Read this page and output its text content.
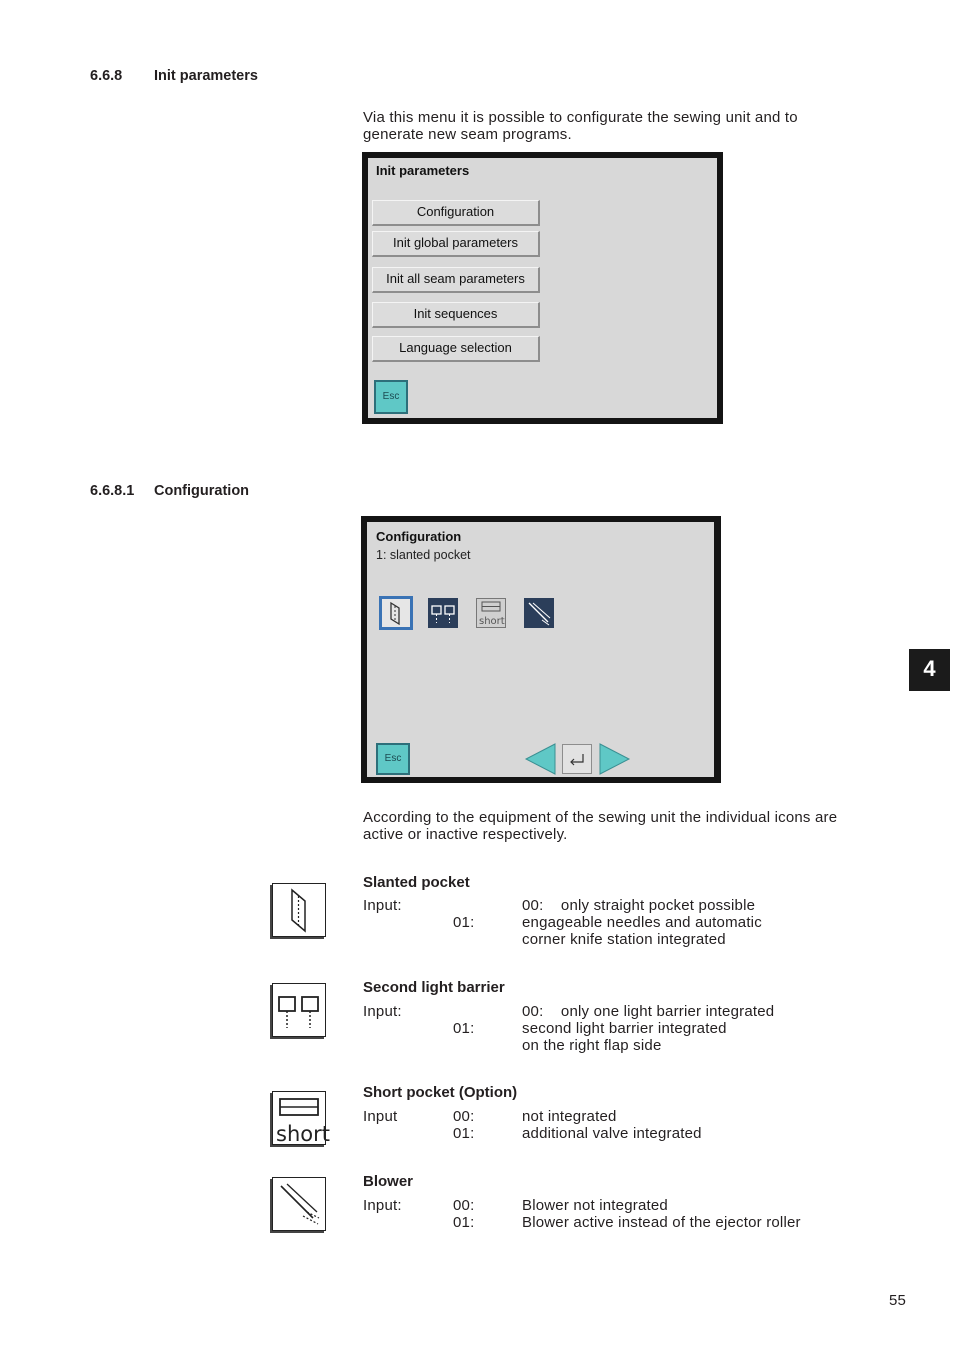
6.6.8 Init parameters
Via this menu it is possible to configurate the sewing unit and to
generate new seam programs.
Init parameters
Configuration
Init global parameters
Init all seam parameters
Init sequences
Language selection
Esc
6.6.8.1 Configuration
Configuration
1: slanted pocket
short
Esc
4
According to the equipment of the sewing unit the individual icons are
active or inactive respectively.
Slanted pocket
Input:	00:    only straight pocket possible
01:	engageable needles and automatic
corner knife station integrated
Second light barrier
Input:	00:    only one light barrier integrated
01:	second light barrier integrated
on the right flap side
short
Short pocket (Option)
Input	00:	not integrated
01:	additional valve integrated
Blower
Input:	00:	Blower not integrated
01:	Blower active instead of the ejector roller
55
